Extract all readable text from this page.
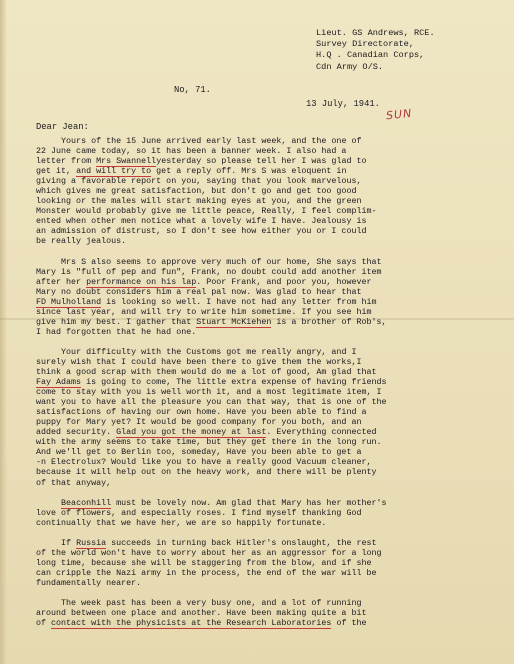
Lieut. GS Andrews, RCE.
Survey Directorate,
H.Q . Canadian Corps,
Cdn Army O/S.
No, 71.
13 July, 1941.
SUN
Dear Jean:

Yours of the 15 June arrived early last week, and the one of
22 June came today, so it has been a banner week. I also had a
letter from Mrs Swannellyesterday so please tell her I was glad to
get it, and will try to get a reply off. Mrs S was eloquent in
giving a favorable report on you, saying that you look marvelous,
which gives me great satisfaction, but don't go and get too good
looking or the males will start making eyes at you, and the green
Monster would probably give me little peace, Really, I feel complim-
ented when other men notice what a lovely wife I have. Jealousy is
an admission of distrust, so I don't see how either you or I could
be really jealous.

Mrs S also seems to approve very much of our home, She says that
Mary is "full of pep and fun", Frank, no doubt could add another item
after her performance on his lap. Poor Frank, and poor you, however
Mary no doubt considers him a real pal now. Was glad to hear that
FD Mulholland is looking so well. I have not had any letter from him
since last year, and will try to write him sometime. If you see him
give him my best. I gather that Stuart McKiehen is a brother of Rob's,
I had forgotten that he had one.

Your difficulty with the Customs got me really angry, and I
surely wish that I could have been there to give them the works,I
think a good scrap with them would do me a lot of good, Am glad that
Fay Adams is going to come, The little extra expense of having friends
come to stay with you is well worth it, and a most legitimate item, I
want you to have all the pleasure you can that way, that is one of the
satisfactions of having our own home. Have you been able to find a
puppy for Mary yet? It would be good company for you both, and an
added security. Glad you got the money at last. Everything connected
with the army seems to take time, but they get there in the long run.
And we'll get to Berlin too, someday, Have you been able to get a
-n Electrolux? Would like you to have a really good Vacuum cleaner,
because it will help out on the heavy work, and there will be plenty
of that anyway,

Beaconhill must be lovely now. Am glad that Mary has her mother's
love of flowers, and especially roses. I find myself thanking God
continually that we have her, we are so happily fortunate.

If Russia succeeds in turning back Hitler's onslaught, the rest
of the world won't have to worry about her as an aggressor for a long
long time, because she will be staggering from the blow, and if she
can cripple the Nazi army in the process, the end of the war will be
fundamentally nearer.

The week past has been a very busy one, and a lot of running
around between one place and another. Have been making quite a bit
of contact with the physicists at the Research Laboratories of the
